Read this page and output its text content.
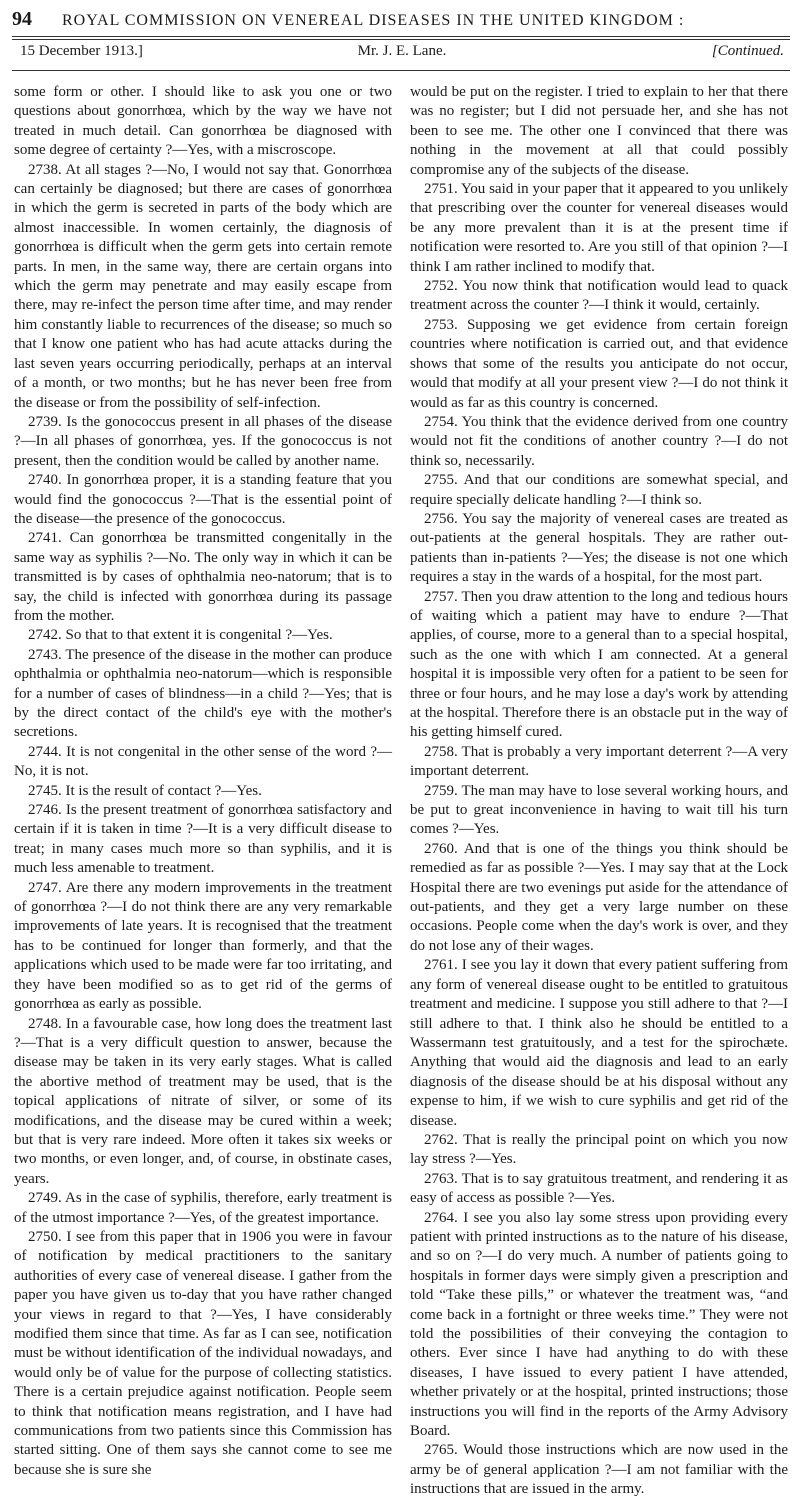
94	ROYAL COMMISSION ON VENEREAL DISEASES IN THE UNITED KINGDOM :
15 December 1913.]	Mr. J. E. Lane.	[Continued.

some form or other. I should like to ask you one or two questions about gonorrhœa, which by the way we have not treated in much detail. Can gonorrhœa be diagnosed with some degree of certainty ?—Yes, with a miscroscope.

2738. At all stages ?—No, I would not say that. Gonorrhœa can certainly be diagnosed; but there are cases of gonorrhœa in which the germ is secreted in parts of the body which are almost inaccessible. In women certainly, the diagnosis of gonorrhœa is difficult when the germ gets into certain remote parts. In men, in the same way, there are certain organs into which the germ may penetrate and may easily escape from there, may re-infect the person time after time, and may render him constantly liable to recurrences of the disease; so much so that I know one patient who has had acute attacks during the last seven years occurring periodically, perhaps at an interval of a month, or two months; but he has never been free from the disease or from the possibility of self-infection.

2739. Is the gonococcus present in all phases of the disease ?—In all phases of gonorrhœa, yes. If the gonococcus is not present, then the condition would be called by another name.

2740. In gonorrhœa proper, it is a standing feature that you would find the gonococcus ?—That is the essential point of the disease—the presence of the gonococcus.

2741. Can gonorrhœa be transmitted congenitally in the same way as syphilis ?—No. The only way in which it can be transmitted is by cases of ophthalmia neo-natorum; that is to say, the child is infected with gonorrhœa during its passage from the mother.

2742. So that to that extent it is congenital ?—Yes.

2743. The presence of the disease in the mother can produce ophthalmia or ophthalmia neo-natorum—which is responsible for a number of cases of blindness—in a child ?—Yes; that is by the direct contact of the child's eye with the mother's secretions.

2744. It is not congenital in the other sense of the word ?—No, it is not.

2745. It is the result of contact ?—Yes.

2746. Is the present treatment of gonorrhœa satisfactory and certain if it is taken in time ?—It is a very difficult disease to treat; in many cases much more so than syphilis, and it is much less amenable to treatment.

2747. Are there any modern improvements in the treatment of gonorrhœa ?—I do not think there are any very remarkable improvements of late years. It is recognised that the treatment has to be continued for longer than formerly, and that the applications which used to be made were far too irritating, and they have been modified so as to get rid of the germs of gonorrhœa as early as possible.

2748. In a favourable case, how long does the treatment last ?—That is a very difficult question to answer, because the disease may be taken in its very early stages. What is called the abortive method of treatment may be used, that is the topical applications of nitrate of silver, or some of its modifications, and the disease may be cured within a week; but that is very rare indeed. More often it takes six weeks or two months, or even longer, and, of course, in obstinate cases, years.

2749. As in the case of syphilis, therefore, early treatment is of the utmost importance ?—Yes, of the greatest importance.

2750. I see from this paper that in 1906 you were in favour of notification by medical practitioners to the sanitary authorities of every case of venereal disease. I gather from the paper you have given us to-day that you have rather changed your views in regard to that ?—Yes, I have considerably modified them since that time. As far as I can see, notification must be without identification of the individual nowadays, and would only be of value for the purpose of collecting statistics. There is a certain prejudice against notification. People seem to think that notification means registration, and I have had communications from two patients since this Commission has started sitting. One of them says she cannot come to see me because she is sure she

would be put on the register. I tried to explain to her that there was no register; but I did not persuade her, and she has not been to see me. The other one I convinced that there was nothing in the movement at all that could possibly compromise any of the subjects of the disease.

2751. You said in your paper that it appeared to you unlikely that prescribing over the counter for venereal diseases would be any more prevalent than it is at the present time if notification were resorted to. Are you still of that opinion ?—I think I am rather inclined to modify that.

2752. You now think that notification would lead to quack treatment across the counter ?—I think it would, certainly.

2753. Supposing we get evidence from certain foreign countries where notification is carried out, and that evidence shows that some of the results you anticipate do not occur, would that modify at all your present view ?—I do not think it would as far as this country is concerned.

2754. You think that the evidence derived from one country would not fit the conditions of another country ?—I do not think so, necessarily.

2755. And that our conditions are somewhat special, and require specially delicate handling ?—I think so.

2756. You say the majority of venereal cases are treated as out-patients at the general hospitals. They are rather out-patients than in-patients ?—Yes; the disease is not one which requires a stay in the wards of a hospital, for the most part.

2757. Then you draw attention to the long and tedious hours of waiting which a patient may have to endure ?—That applies, of course, more to a general than to a special hospital, such as the one with which I am connected. At a general hospital it is impossible very often for a patient to be seen for three or four hours, and he may lose a day's work by attending at the hospital. Therefore there is an obstacle put in the way of his getting himself cured.

2758. That is probably a very important deterrent ?—A very important deterrent.

2759. The man may have to lose several working hours, and be put to great inconvenience in having to wait till his turn comes ?—Yes.

2760. And that is one of the things you think should be remedied as far as possible ?—Yes. I may say that at the Lock Hospital there are two evenings put aside for the attendance of out-patients, and they get a very large number on these occasions. People come when the day's work is over, and they do not lose any of their wages.

2761. I see you lay it down that every patient suffering from any form of venereal disease ought to be entitled to gratuitous treatment and medicine. I suppose you still adhere to that ?—I still adhere to that. I think also he should be entitled to a Wassermann test gratuitously, and a test for the spirochæte. Anything that would aid the diagnosis and lead to an early diagnosis of the disease should be at his disposal without any expense to him, if we wish to cure syphilis and get rid of the disease.

2762. That is really the principal point on which you now lay stress ?—Yes.

2763. That is to say gratuitous treatment, and rendering it as easy of access as possible ?—Yes.

2764. I see you also lay some stress upon providing every patient with printed instructions as to the nature of his disease, and so on ?—I do very much. A number of patients going to hospitals in former days were simply given a prescription and told “Take these pills,” or whatever the treatment was, “and come back in a fortnight or three weeks time.” They were not told the possibilities of their conveying the contagion to others. Ever since I have had anything to do with these diseases, I have issued to every patient I have attended, whether privately or at the hospital, printed instructions; those instructions you will find in the reports of the Army Advisory Board.

2765. Would those instructions which are now used in the army be of general application ?—I am not familiar with the instructions that are issued in the army.
